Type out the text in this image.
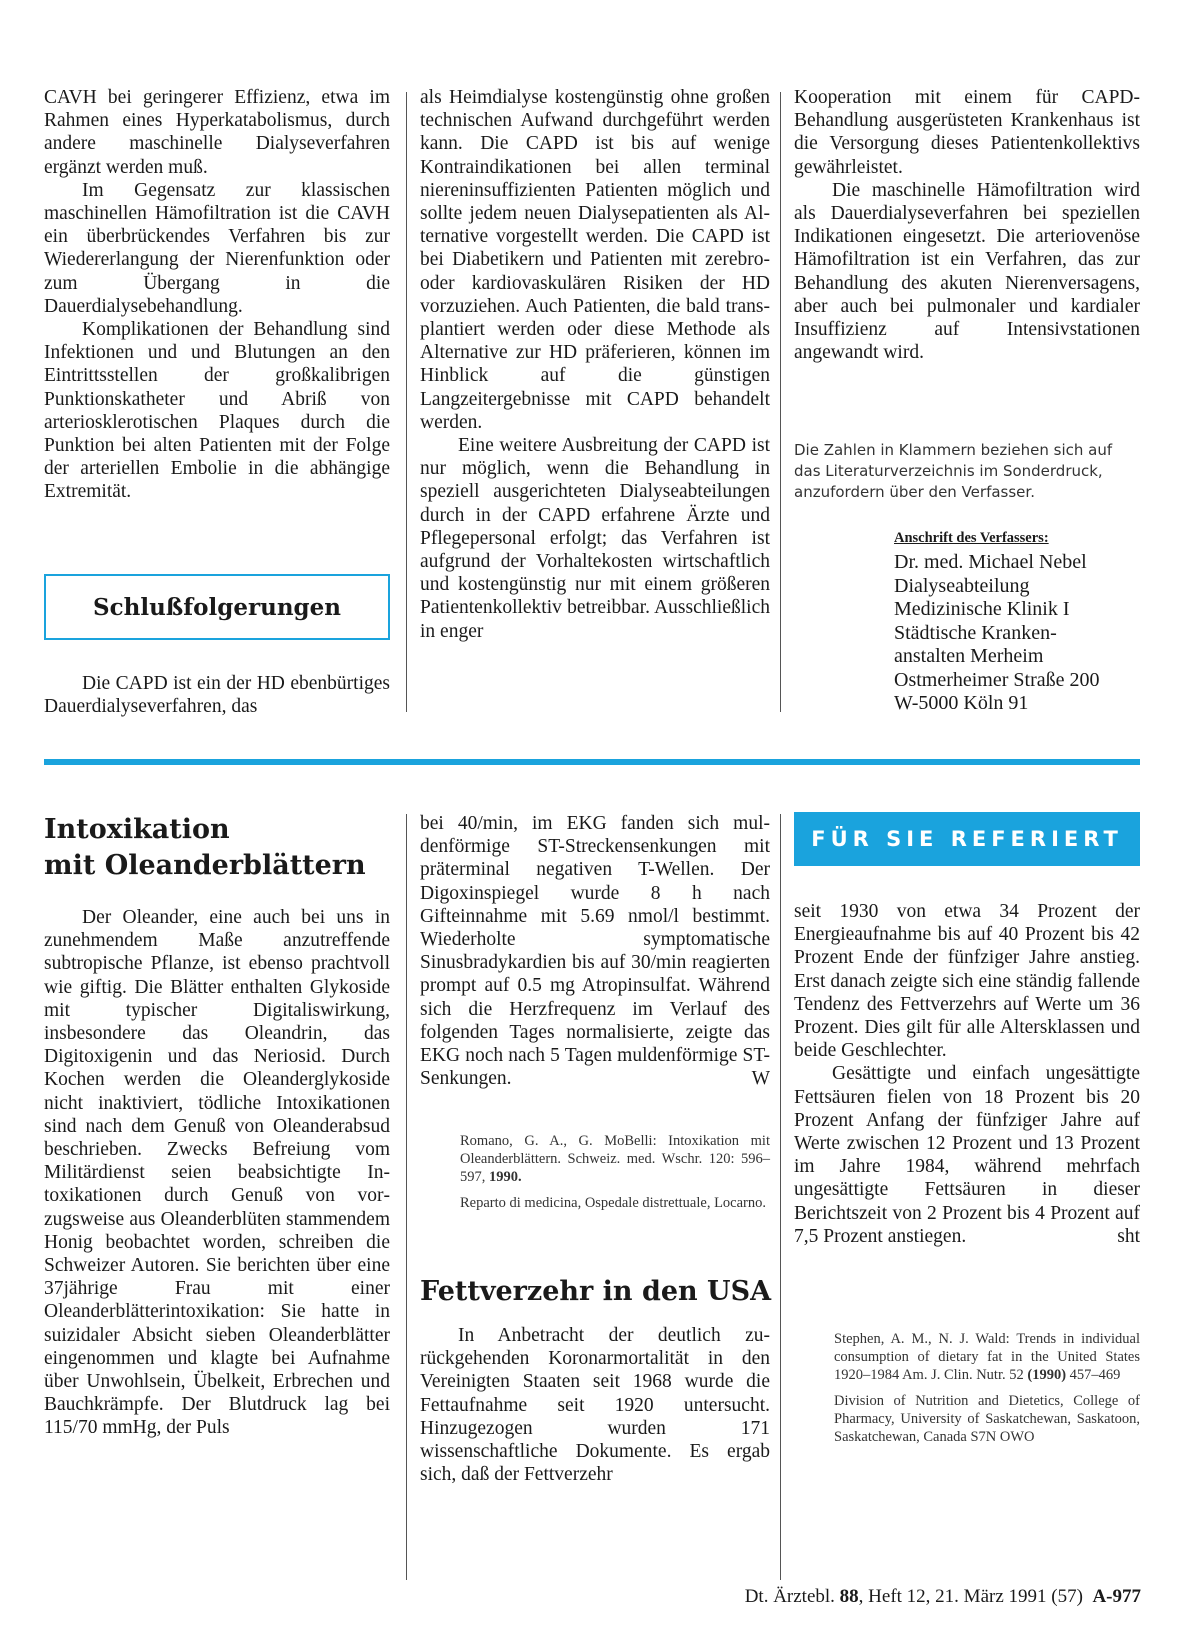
CAVH bei geringerer Effizienz, etwa im Rahmen eines Hyperkatabolismus, durch andere maschinelle Dialyseverfahren ergänzt werden muß.

Im Gegensatz zur klassischen maschinellen Hämofiltration ist die CAVH ein überbrückendes Verfahren bis zur Wiedererlangung der Nierenfunktion oder zum Übergang in die Dauerdialysebehandlung.

Komplikationen der Behandlung sind Infektionen und und Blutungen an den Eintrittsstellen der großkalibrigen Punktionskatheter und Abriß von arteriosklerotischen Plaques durch die Punktion bei alten Patienten mit der Folge der arteriellen Embolie in die abhängige Extremität.

Schlußfolgerungen

Die CAPD ist ein der HD ebenbürtiges Dauerdialyseverfahren, das

als Heimdialyse kostengünstig ohne großen technischen Aufwand durchgeführt werden kann. Die CAPD ist bis auf wenige Kontraindikationen bei allen terminal niereninsuffizienten Patienten möglich und sollte jedem neuen Dialysepatienten als Alternative vorgestellt werden. Die CAPD ist bei Diabetikern und Patienten mit zerebro- oder kardiovaskulären Risiken der HD vorzuziehen. Auch Patienten, die bald transplantiert werden oder diese Methode als Alternative zur HD präferieren, können im Hinblick auf die günstigen Langzeitergebnisse mit CAPD behandelt werden.

Eine weitere Ausbreitung der CAPD ist nur möglich, wenn die Behandlung in speziell ausgerichteten Dialyseabteilungen durch in der CAPD erfahrene Ärzte und Pflegepersonal erfolgt; das Verfahren ist aufgrund der Vorhaltekosten wirtschaftlich und kostengünstig nur mit einem größeren Patientenkollektiv betreibbar. Ausschließlich in enger

Kooperation mit einem für CAPD-Behandlung ausgerüsteten Krankenhaus ist die Versorgung dieses Patientenkollektivs gewährleistet.

Die maschinelle Hämofiltration wird als Dauerdialyseverfahren bei speziellen Indikationen eingesetzt. Die arteriovenöse Hämofiltration ist ein Verfahren, das zur Behandlung des akuten Nierenversagens, aber auch bei pulmonaler und kardialer Insuffizienz auf Intensivstationen angewandt wird.

Die Zahlen in Klammern beziehen sich auf das Literaturverzeichnis im Sonderdruck, anzufordern über den Verfasser.

Anschrift des Verfassers:

Dr. med. Michael Nebel
Dialyseabteilung
Medizinische Klinik I
Städtische Kranken-
anstalten Merheim
Ostmerheimer Straße 200
W-5000 Köln 91

Intoxikation

mit Oleanderblättern

Der Oleander, eine auch bei uns in zunehmendem Maße anzutreffende subtropische Pflanze, ist ebenso prachtvoll wie giftig. Die Blätter enthalten Glykoside mit typischer Digitaliswirkung, insbesondere das Oleandrin, das Digitoxigenin und das Neriosid. Durch Kochen werden die Oleanderglykoside nicht inaktiviert, tödliche Intoxikationen sind nach dem Genuß von Oleanderabsud beschrieben. Zwecks Befreiung vom Militärdienst seien beabsichtigte Intoxikationen durch Genuß von vorzugsweise aus Oleanderblüten stammendem Honig beobachtet worden, schreiben die Schweizer Autoren. Sie berichten über eine 37jährige Frau mit einer Oleanderblätterintoxikation: Sie hatte in suizidaler Absicht sieben Oleanderblätter eingenommen und klagte bei Aufnahme über Unwohlsein, Übelkeit, Erbrechen und Bauchkrämpfe. Der Blutdruck lag bei 115/70 mmHg, der Puls

bei 40/min, im EKG fanden sich muldenförmige ST-Streckensenkungen mit präterminal negativen T-Wellen. Der Digoxinspiegel wurde 8 h nach Gifteinnahme mit 5.69 nmol/l bestimmt. Wiederholte symptomatische Sinusbradykardien bis auf 30/min reagierten prompt auf 0.5 mg Atropinsulfat. Während sich die Herzfrequenz im Verlauf des folgenden Tages normalisierte, zeigte das EKG noch nach 5 Tagen muldenförmige ST-Senkungen.	W

Romano, G. A., G. MoBelli: Intoxikation mit Oleanderblättern. Schweiz. med. Wschr. 120: 596–597, 1990.

Reparto di medicina, Ospedale distrettuale, Locarno.

Fettverzehr in den USA

In Anbetracht der deutlich zurückgehenden Koronarmortalität in den Vereinigten Staaten seit 1968 wurde die Fettaufnahme seit 1920 untersucht. Hinzugezogen wurden 171 wissenschaftliche Dokumente. Es ergab sich, daß der Fettverzehr

FÜR SIE REFERIERT

seit 1930 von etwa 34 Prozent der Energieaufnahme bis auf 40 Prozent bis 42 Prozent Ende der fünfziger Jahre anstieg. Erst danach zeigte sich eine ständig fallende Tendenz des Fettverzehrs auf Werte um 36 Prozent. Dies gilt für alle Altersklassen und beide Geschlechter.

Gesättigte und einfach ungesättigte Fettsäuren fielen von 18 Prozent bis 20 Prozent Anfang der fünfziger Jahre auf Werte zwischen 12 Prozent und 13 Prozent im Jahre 1984, während mehrfach ungesättigte Fettsäuren in dieser Berichtszeit von 2 Prozent bis 4 Prozent auf 7,5 Prozent anstiegen.	sht

Stephen, A. M., N. J. Wald: Trends in individual consumption of dietary fat in the United States 1920–1984 Am. J. Clin. Nutr. 52 (1990) 457–469

Division of Nutrition and Dietetics, College of Pharmacy, University of Saskatchewan, Saskatoon, Saskatchewan, Canada S7N OWO

Dt. Ärztebl. 88, Heft 12, 21. März 1991 (57) A-977
